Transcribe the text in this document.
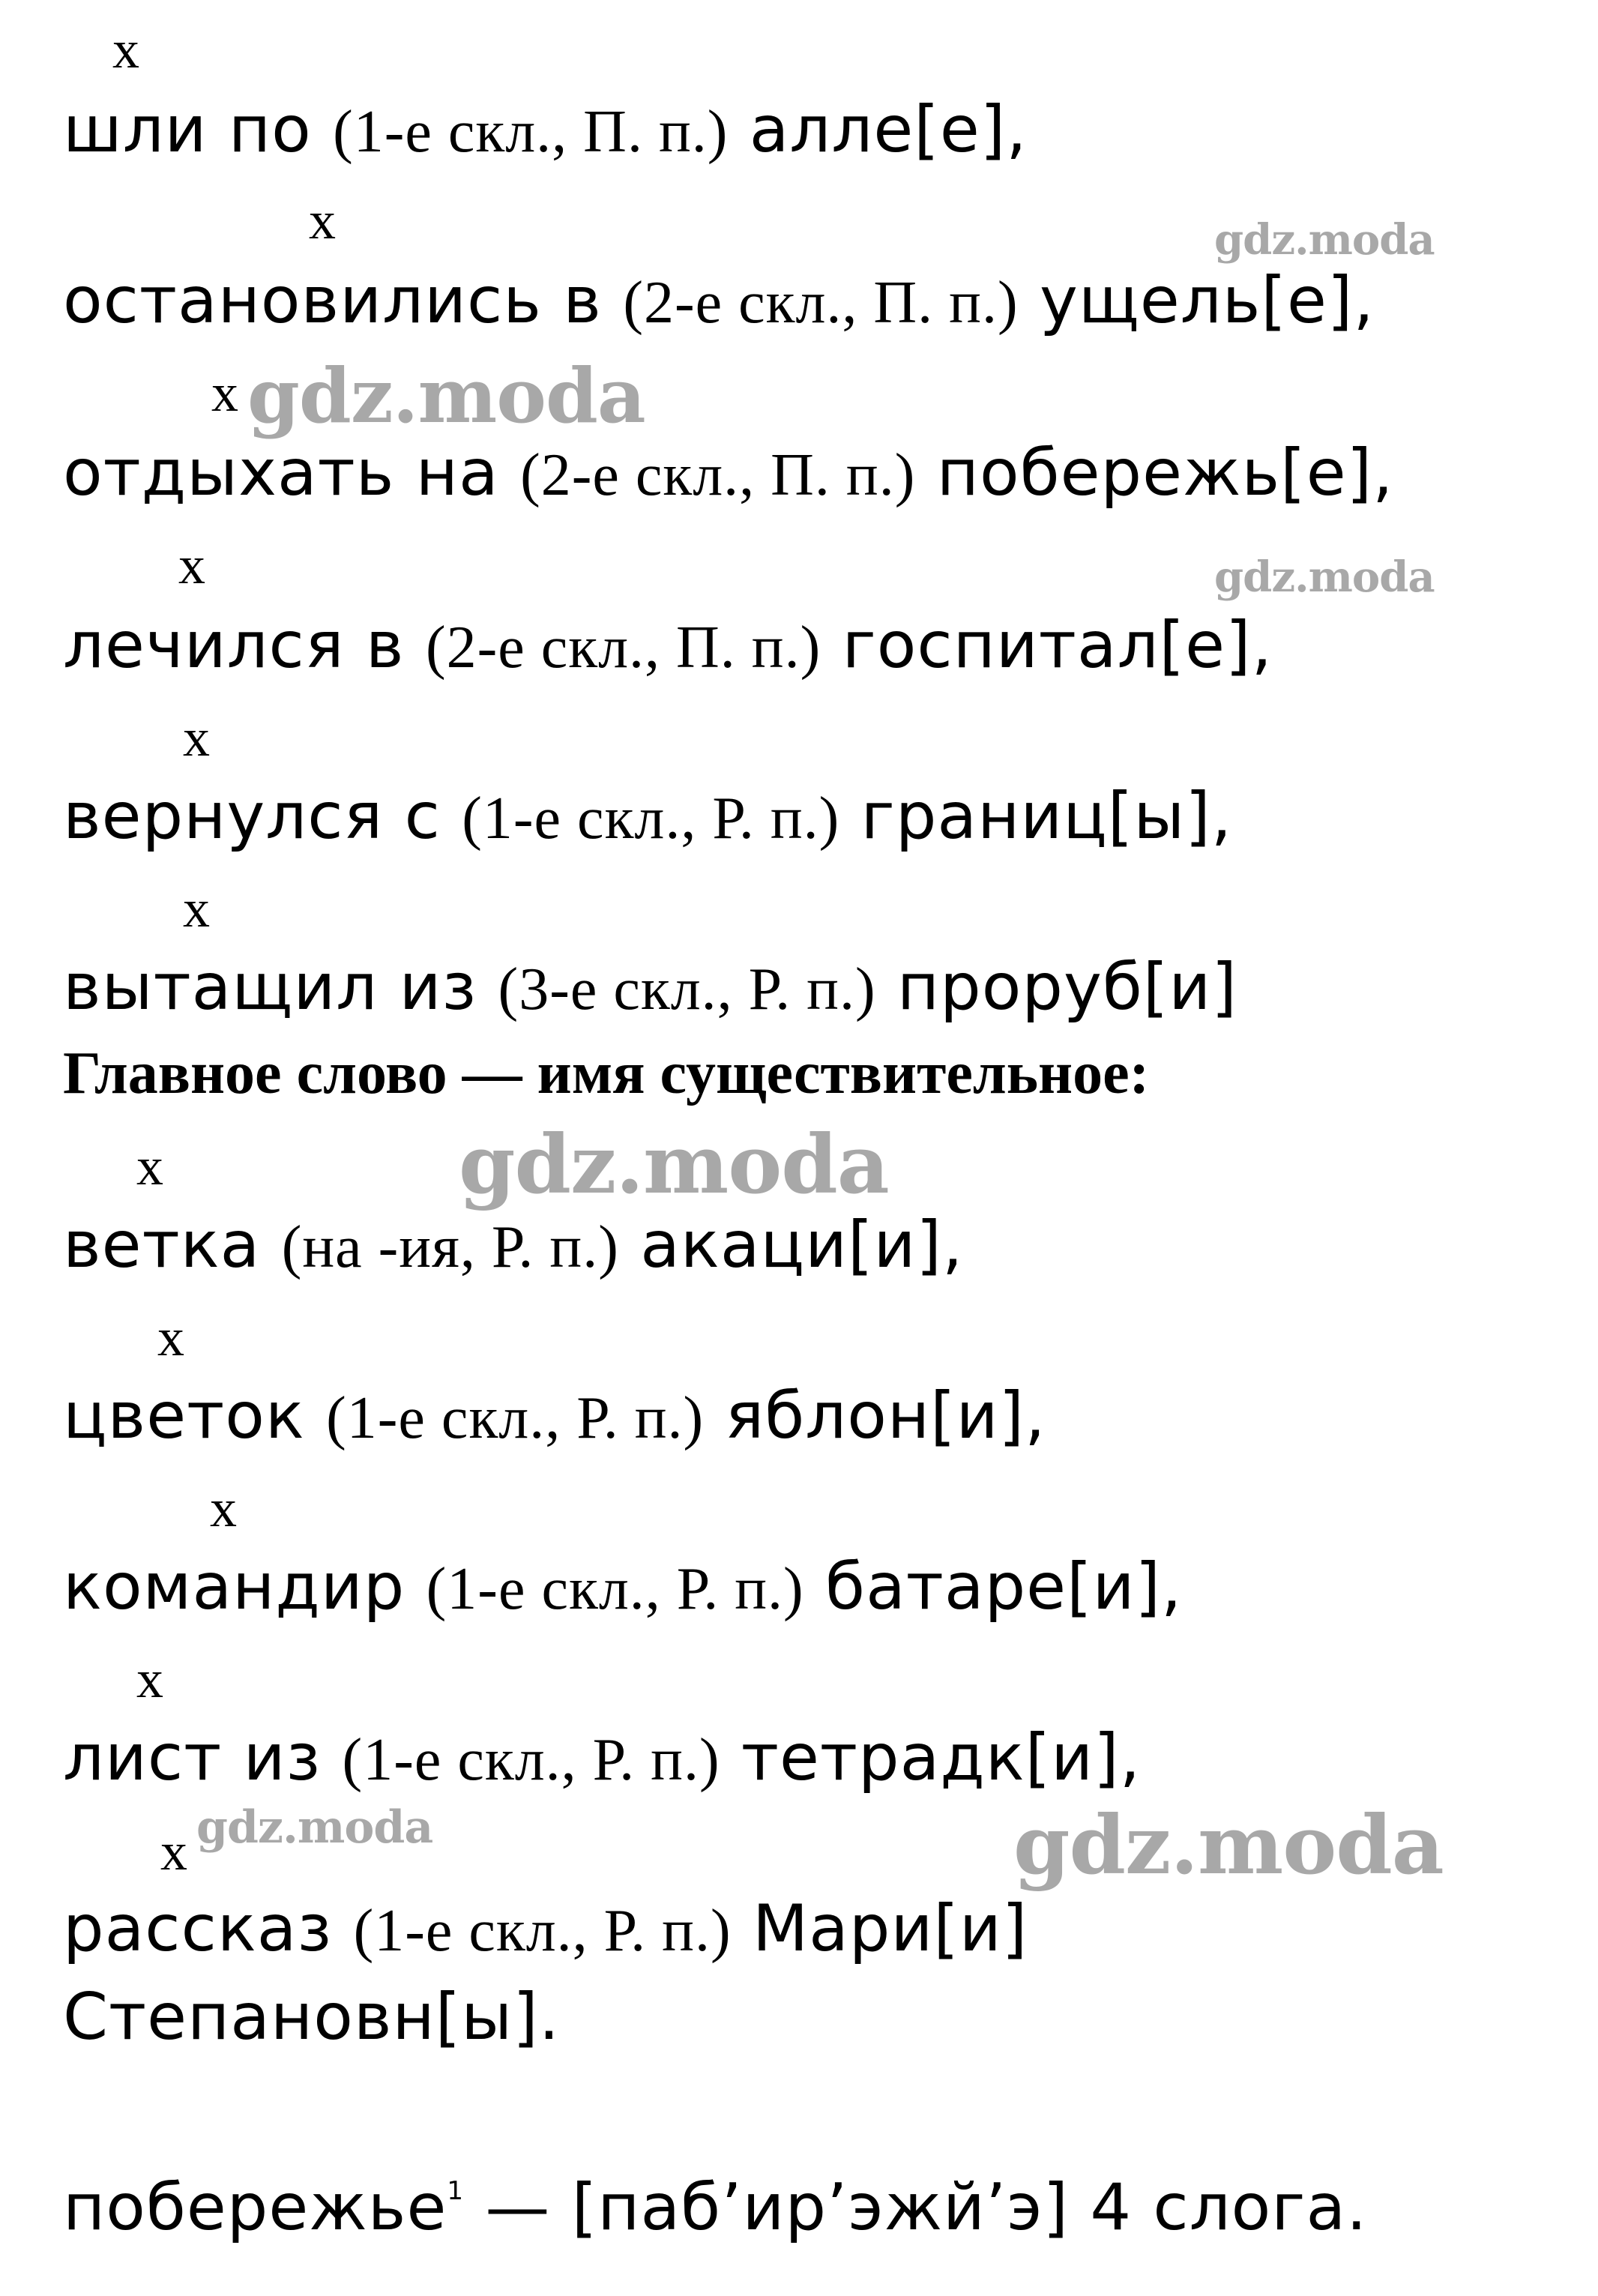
x
x
x
x
x
x
x
x
x
x
x
шли по (1-е скл., П. п.) алле[е],
остановились в (2-е скл., П. п.) ущель[е],
отдыхать на (2-е скл., П. п.) побережь[е],
лечился в (2-е скл., П. п.) госпитал[е],
вернулся с (1-е скл., Р. п.) границ[ы],
вытащил из (3-е скл., Р. п.) проруб[и]
Главное слово — имя существительное:
ветка (на -ия, Р. п.) акаци[и],
цветок (1-е скл., Р. п.) яблон[и],
командир (1-е скл., Р. п.) батаре[и],
лист из (1-е скл., Р. п.) тетрадк[и],
рассказ (1-е скл., Р. п.) Мари[и]
Степановн[ы].
побережье$^1$ — [паб’ир’эжй’э] 4 слога.
gdz.moda
gdz.moda
gdz.moda
gdz.moda
gdz.moda	gdz.moda
